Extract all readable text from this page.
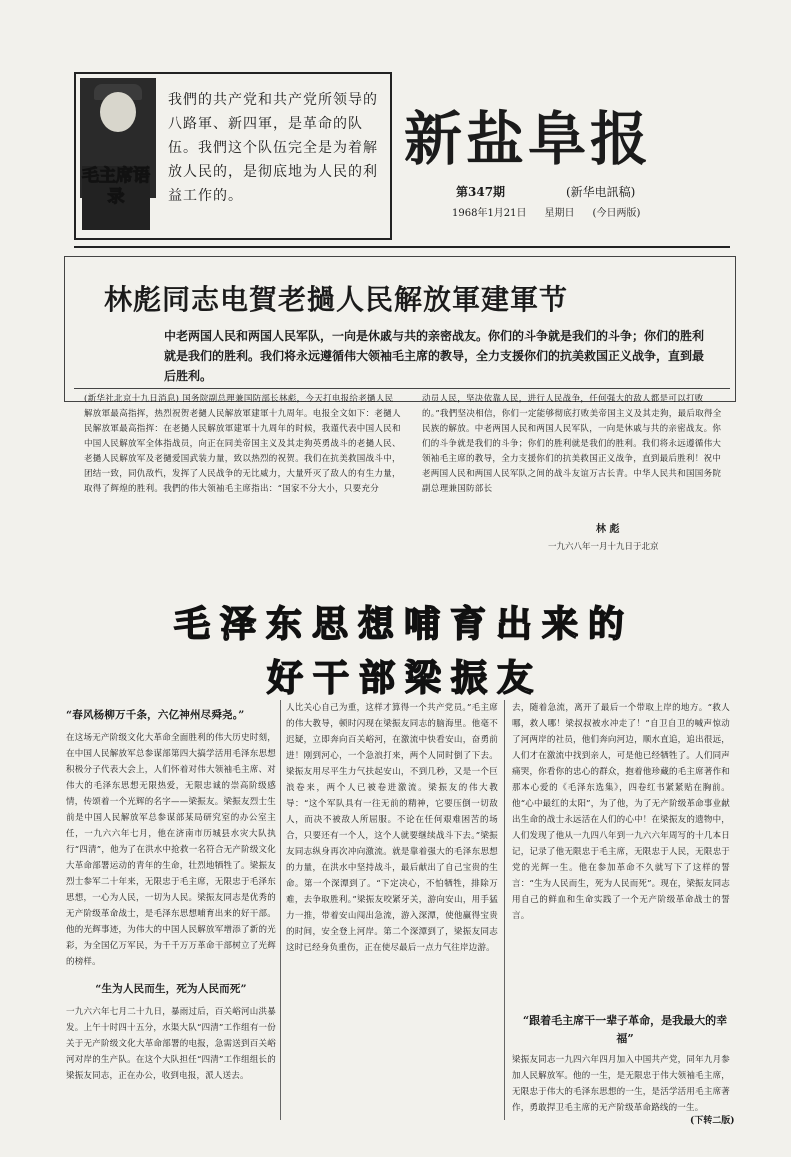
毛主席语录
我們的共产党和共产党所领导的八路軍、新四軍，是革命的队伍。我們这个队伍完全是为着解放人民的，是彻底地为人民的利益工作的。
新盐阜报
第347期	(新华电訊稿)
1968年1月21日 星期日 (今日两版)
林彪同志电賀老撾人民解放軍建軍节
中老两国人民和两国人民军队，一向是休戚与共的亲密战友。你们的斗争就是我们的斗争；你们的胜利就是我们的胜利。我们将永远遵循伟大领袖毛主席的教导，全力支援你们的抗美救国正义战争，直到最后胜利。
(新华社北京十九日消息) 国务院副总理兼国防部长林彪，今天打电报给老撾人民解放軍最高指挥，热烈祝贺老撾人民解放軍建軍十九周年。电报全文如下：老撾人民解放軍最高指挥：在老撾人民解放軍建軍十九周年的时候，我谨代表中国人民和中国人民解放军全体指战员，向正在同美帝国主义及其走狗英勇战斗的老撾人民、老撾人民解放军及老撾爱国武装力量，致以热烈的祝贺。我们在抗美救国战斗中，团结一致，同仇敌忾，发挥了人民战争的无比威力，大量歼灭了敌人的有生力量，取得了辉煌的胜利。我們的伟大领袖毛主席指出：“国家不分大小，只要充分
动员人民，坚决依靠人民，进行人民战争，任何强大的敌人都是可以打败的。”我們坚决相信，你们一定能够彻底打败美帝国主义及其走狗，最后取得全民族的解放。中老两国人民和两国人民军队，一向是休戚与共的亲密战友。你们的斗争就是我们的斗争；你们的胜利就是我们的胜利。我们将永远遵循伟大领袖毛主席的教导，全力支援你们的抗美救国正义战争，直到最后胜利！祝中老两国人民和两国人民军队之间的战斗友谊万古长青。中华人民共和国国务院副总理兼国防部长
林 彪
一九六八年一月十九日于北京
毛泽东思想哺育出来的
好干部梁振友
“春风杨柳万千条，六亿神州尽舜尧。”
在这场无产阶级文化大革命全面胜利的伟大历史时刻，在中国人民解放军总参谋部第四大搞学活用毛泽东思想积极分子代表大会上，人们怀着对伟大领袖毛主席、对伟大的毛泽东思想无限热爱，无限忠诚的崇高阶级感情，传颂着一个光辉的名字——梁振友。梁振友烈士生前是中国人民解放军总参谋部某局研究室的办公室主任，一九六六年七月，他在济南市历城县水灾大队执行“四清”，他为了在洪水中抢救一名符合无产阶级文化大革命部署运动的青年的生命，壮烈地牺牲了。梁振友烈士参军二十年来，无限忠于毛主席，无限忠于毛泽东思想，一心为人民，一切为人民。梁振友同志是优秀的无产阶级革命战士，是毛泽东思想哺育出来的好干部。他的光辉事迹，为伟大的中国人民解放军增添了新的光彩，为全国亿万军民，为千千万万革命干部树立了光辉的榜样。
“生为人民而生，死为人民而死”
一九六六年七月二十九日，暴雨过后，百关峪河山洪暴发。上午十时四十五分，水渠大队“四清”工作组有一份关于无产阶级文化大革命部署的电报，急需送到百关峪河对岸的生产队。在这个大队担任“四清”工作组组长的梁振友同志，正在办公，收到电报，派人送去。
人比关心自己为重，这样才算得一个共产党员。”毛主席的伟大教导，顿时闪现在梁振友同志的脑海里。他毫不迟疑，立即奔向百关峪河，在激流中快看安山，奋勇前进！刚到河心，一个急浪打来，两个人同时倒了下去。梁振友用尽平生力气扶起安山，不到几秒，又是一个巨浪卷来，两个人已被卷进激流。梁振友的伟大教导：“这个军队具有一往无前的精神，它要压倒一切敌人，而决不被敌人所屈服。不论在任何艰难困苦的场合，只要还有一个人，这个人就要继续战斗下去。”梁振友同志纵身再次冲向激流。就是靠着强大的毛泽东思想的力量，在洪水中坚持战斗，最后献出了自己宝贵的生命。第一个深潭到了。“下定决心，不怕牺牲，排除万难，去争取胜利。”梁振友咬紧牙关，游向安山，用手猛力一推，带着安山闯出急流，游入深潭，使他赢得宝贵的时间，安全登上河岸。第二个深潭到了，梁振友同志这时已经身负重伤，正在使尽最后一点力气往岸边游。
去，随着急流，离开了最后一个带取上岸的地方。“救人哪，救人哪！梁叔叔被水冲走了！”自卫自卫的喊声惊动了河两岸的社员，他们奔向河边，顺水直追，追出很远，人们才在激流中找到亲人，可是他已经牺牲了。人们同声痛哭，你看你的忠心的群众，抱着他珍藏的毛主席著作和那本心爱的《毛泽东选集》，四卷红书紧紧贴在胸前。他“心中最红的太阳”，为了他，为了无产阶级革命事业献出生命的战士永远活在人们的心中！在梁振友的遗物中，人们发现了他从一九四八年到一九六六年周写的十几本日记，记录了他无限忠于毛主席，无限忠于人民，无限忠于党的光辉一生。他在参加革命不久就写下了这样的誓言：“生为人民而生，死为人民而死”。现在，梁振友同志用自己的鲜血和生命实践了一个无产阶级革命战士的誓言。
“跟着毛主席干一辈子革命，是我最大的幸福”
梁振友同志一九四六年四月加入中国共产党，同年九月参加人民解放军。他的一生，是无限忠于伟大领袖毛主席，无限忠于伟大的毛泽东思想的一生，是活学活用毛主席著作，勇敢捍卫毛主席的无产阶级革命路线的一生。
(下转二版)
